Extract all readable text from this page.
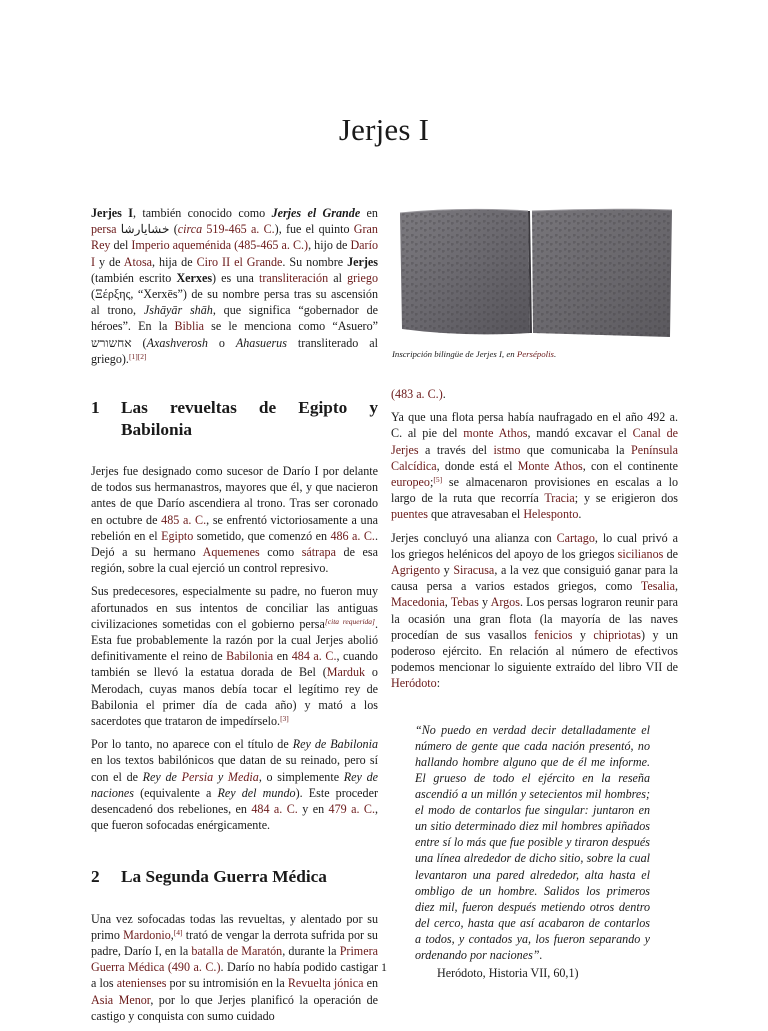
Jerjes I

Jerjes I, también conocido como Jerjes el Grande en persa خشایارشا (circa 519-465 a. C.), fue el quinto Gran Rey del Imperio aqueménida (485-465 a. C.), hijo de Darío I y de Atosa, hija de Ciro II el Grande. Su nombre Jerjes (también escrito Xerxes) es una transliteración al griego (Ξέρξης, “Xerxēs”) de su nombre persa tras su ascensión al trono, Jshāyār shāh, que significa “gobernador de héroes”. En la Biblia se le menciona como “Asuero” אחשורש (Axashverosh o Ahasuerus transliterado al griego).[1][2]

1 Las revueltas de Egipto y Babilonia

Jerjes fue designado como sucesor de Darío I por delante de todos sus hermanastros, mayores que él, y que nacieron antes de que Darío ascendiera al trono. Tras ser coronado en octubre de 485 a. C., se enfrentó victoriosamente a una rebelión en el Egipto sometido, que comenzó en 486 a. C.. Dejó a su hermano Aquemenes como sátrapa de esa región, sobre la cual ejerció un control represivo.

Sus predecesores, especialmente su padre, no fueron muy afortunados en sus intentos de conciliar las antiguas civilizaciones sometidas con el gobierno persa[cita requerida]. Esta fue probablemente la razón por la cual Jerjes abolió definitivamente el reino de Babilonia en 484 a. C., cuando también se llevó la estatua dorada de Bel (Marduk o Merodach, cuyas manos debía tocar el legítimo rey de Babilonia el primer día de cada año) y mató a los sacerdotes que trataron de impedírselo.[3]

Por lo tanto, no aparece con el título de Rey de Babilonia en los textos babilónicos que datan de su reinado, pero sí con el de Rey de Persia y Media, o simplemente Rey de naciones (equivalente a Rey del mundo). Este proceder desencadenó dos rebeliones, en 484 a. C. y en 479 a. C., que fueron sofocadas enérgicamente.

2 La Segunda Guerra Médica

Una vez sofocadas todas las revueltas, y alentado por su primo Mardonio,[4] trató de vengar la derrota sufrida por su padre, Darío I, en la batalla de Maratón, durante la Primera Guerra Médica (490 a. C.). Darío no había podido castigar a los atenienses por su intromisión en la Revuelta jónica en Asia Menor, por lo que Jerjes planificó la operación de castigo y conquista con sumo cuidado

Inscripción bilingüe de Jerjes I, en Persépolis.

(483 a. C.).

Ya que una flota persa había naufragado en el año 492 a. C. al pie del monte Athos, mandó excavar el Canal de Jerjes a través del istmo que comunicaba la Península Calcídica, donde está el Monte Athos, con el continente europeo;[5] se almacenaron provisiones en escalas a lo largo de la ruta que recorría Tracia; y se erigieron dos puentes que atravesaban el Helesponto.

Jerjes concluyó una alianza con Cartago, lo cual privó a los griegos helénicos del apoyo de los griegos sicilianos de Agrigento y Siracusa, a la vez que consiguió ganar para la causa persa a varios estados griegos, como Tesalia, Macedonia, Tebas y Argos. Los persas lograron reunir para la ocasión una gran flota (la mayoría de las naves procedían de sus vasallos fenicios y chipriotas) y un poderoso ejército. En relación al número de efectivos podemos mencionar lo siguiente extraído del libro VII de Heródoto:

“No puedo en verdad decir detalladamente el número de gente que cada nación presentó, no hallando hombre alguno que de él me informe. El grueso de todo el ejército en la reseña ascendió a un millón y setecientos mil hombres; el modo de contarlos fue singular: juntaron en un sitio determinado diez mil hombres apiñados entre sí lo más que fue posible y tiraron después una línea alrededor de dicho sitio, sobre la cual levantaron una pared alrededor, alta hasta el ombligo de un hombre. Salidos los primeros diez mil, fueron después metiendo otros dentro del cerco, hasta que así acabaron de contarlos a todos, y contados ya, los fueron separando y ordenando por naciones”.

Heródoto, Historia VII, 60,1)

1
